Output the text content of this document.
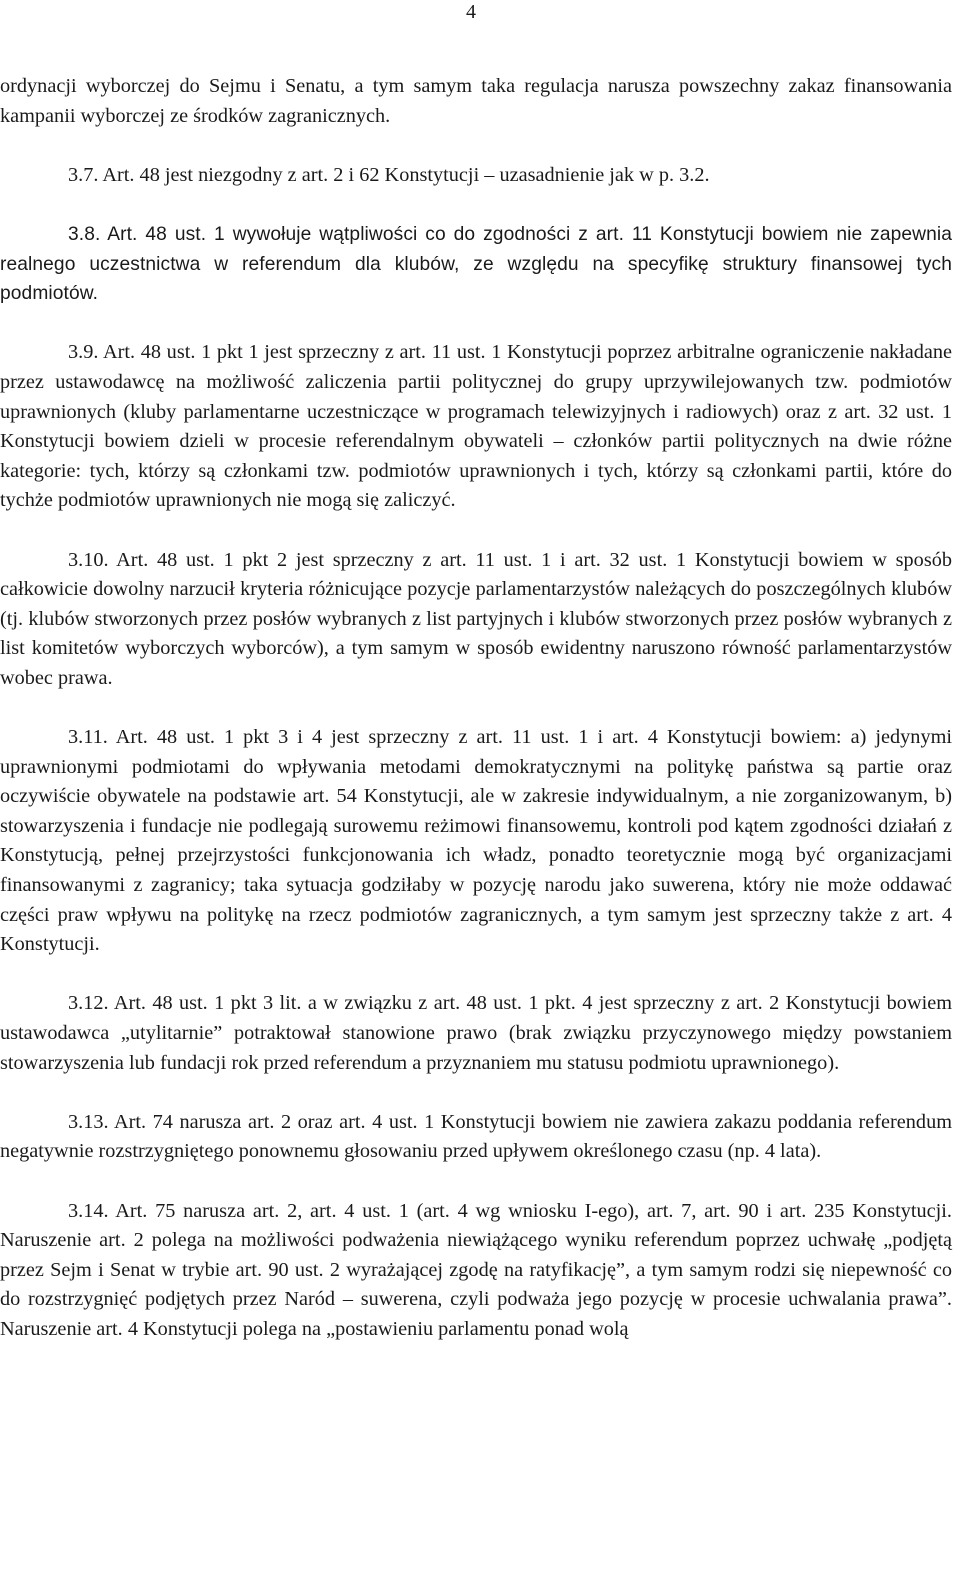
4

ordynacji wyborczej do Sejmu i Senatu, a tym samym taka regulacja narusza powszechny zakaz finansowania kampanii wyborczej ze środków zagranicznych.

3.7. Art. 48 jest niezgodny z art. 2 i 62 Konstytucji – uzasadnienie jak w p. 3.2.

3.8. Art. 48 ust. 1 wywołuje wątpliwości co do zgodności z art. 11 Konstytucji bowiem nie zapewnia realnego uczestnictwa w referendum dla klubów, ze względu na specyfikę struktury finansowej tych podmiotów.

3.9. Art. 48 ust. 1 pkt 1 jest sprzeczny z art. 11 ust. 1 Konstytucji poprzez arbitralne ograniczenie nakładane przez ustawodawcę na możliwość zaliczenia partii politycznej do grupy uprzywilejowanych tzw. podmiotów uprawnionych (kluby parlamentarne uczestniczące w programach telewizyjnych i radiowych) oraz z art. 32 ust. 1 Konstytucji bowiem dzieli w procesie referendalnym obywateli – członków partii politycznych na dwie różne kategorie: tych, którzy są członkami tzw. podmiotów uprawnionych i tych, którzy są członkami partii, które do tychże podmiotów uprawnionych nie mogą się zaliczyć.

3.10. Art. 48 ust. 1 pkt 2 jest sprzeczny z art. 11 ust. 1 i art. 32 ust. 1 Konstytucji bowiem w sposób całkowicie dowolny narzucił kryteria różnicujące pozycje parlamentarzystów należących do poszczególnych klubów (tj. klubów stworzonych przez posłów wybranych z list partyjnych i klubów stworzonych przez posłów wybranych z list komitetów wyborczych wyborców), a tym samym w sposób ewidentny naruszono równość parlamentarzystów wobec prawa.

3.11. Art. 48 ust. 1 pkt 3 i 4 jest sprzeczny z art. 11 ust. 1 i art. 4 Konstytucji bowiem: a) jedynymi uprawnionymi podmiotami do wpływania metodami demokratycznymi na politykę państwa są partie oraz oczywiście obywatele na podstawie art. 54 Konstytucji, ale w zakresie indywidualnym, a nie zorganizowanym, b) stowarzyszenia i fundacje nie podlegają surowemu reżimowi finansowemu, kontroli pod kątem zgodności działań z Konstytucją, pełnej przejrzystości funkcjonowania ich władz, ponadto teoretycznie mogą być organizacjami finansowanymi z zagranicy; taka sytuacja godziłaby w pozycję narodu jako suwerena, który nie może oddawać części praw wpływu na politykę na rzecz podmiotów zagranicznych, a tym samym jest sprzeczny także z art. 4 Konstytucji.

3.12. Art. 48 ust. 1 pkt 3 lit. a w związku z art. 48 ust. 1 pkt. 4 jest sprzeczny z art. 2 Konstytucji bowiem ustawodawca „utylitarnie” potraktował stanowione prawo (brak związku przyczynowego między powstaniem stowarzyszenia lub fundacji rok przed referendum a przyznaniem mu statusu podmiotu uprawnionego).

3.13. Art. 74 narusza art. 2 oraz art. 4 ust. 1 Konstytucji bowiem nie zawiera zakazu poddania referendum negatywnie rozstrzygniętego ponownemu głosowaniu przed upływem określonego czasu (np. 4 lata).

3.14. Art. 75 narusza art. 2, art. 4 ust. 1 (art. 4 wg wniosku I-ego), art. 7, art. 90 i art. 235 Konstytucji. Naruszenie art. 2 polega na możliwości podważenia niewiążącego wyniku referendum poprzez uchwałę „podjętą przez Sejm i Senat w trybie art. 90 ust. 2 wyrażającej zgodę na ratyfikację”, a tym samym rodzi się niepewność co do rozstrzygnięć podjętych przez Naród – suwerena, czyli podważa jego pozycję w procesie uchwalania prawa”. Naruszenie art. 4 Konstytucji polega na „postawieniu parlamentu ponad wolą
